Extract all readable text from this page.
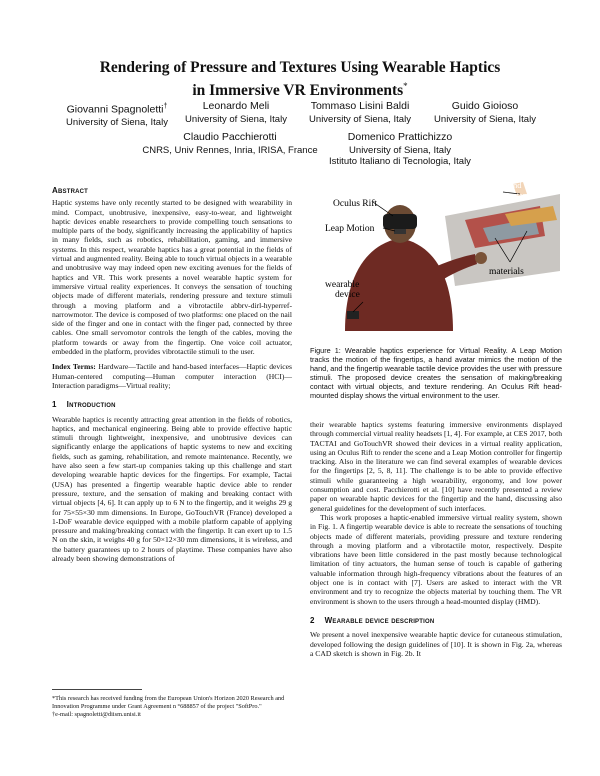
Rendering of Pressure and Textures Using Wearable Haptics
in Immersive VR Environments*
Giovanni Spagnoletti†
University of Siena, Italy
Leonardo Meli
University of Siena, Italy
Tommaso Lisini Baldi
University of Siena, Italy
Guido Gioioso
University of Siena, Italy
Claudio Pacchierotti
CNRS, Univ Rennes, Inria, IRISA, France
Domenico Prattichizzo
University of Siena, Italy
Istituto Italiano di Tecnologia, Italy

Abstract

Haptic systems have only recently started to be designed with wearability in mind. Compact, unobtrusive, inexpensive, easy-to-wear, and lightweight haptic devices enable researchers to provide compelling touch sensations to multiple parts of the body, significantly increasing the applicability of haptics in many fields, such as robotics, rehabilitation, gaming, and immersive systems. In this respect, wearable haptics has a great potential in the fields of virtual and augmented reality. Being able to touch virtual objects in a wearable and unobtrusive way may indeed open new exciting avenues for the fields of haptics and VR. This work presents a novel wearable haptic system for immersive virtual reality experiences. It conveys the sensation of touching objects made of different materials, rendering pressure and texture stimuli through a moving platform and a vibrotactile abbrv-dirl-hyperref-narrowmotor. The device is composed of two platforms: one placed on the nail side of the finger and one in contact with the finger pad, connected by three cables. One small servomotor controls the length of the cables, moving the platform towards or away from the fingertip. One voice coil actuator, embedded in the platform, provides vibrotactile stimuli to the user.

Index Terms: Hardware—Tactile and hand-based interfaces—Haptic devices Human-centered computing—Human computer interaction (HCI)—Interaction paradigms—Virtual reality;

1 Introduction

Wearable haptics is recently attracting great attention in the fields of robotics, haptics, and mechanical engineering. Being able to provide effective haptic stimuli through lightweight, inexpensive, and unobtrusive devices can significantly enlarge the applications of haptic systems to new and exciting fields, such as gaming, rehabilitation, and remote maintenance. Recently, we have also seen a few start-up companies taking up this challenge and start developing wearable haptic devices for the fingertips. For example, Tactai (USA) has presented a fingertip wearable haptic device able to render pressure, texture, and the sensation of making and breaking contact with virtual objects [4, 6]. It can apply up to 6 N to the fingertip, and it weighs 29 g for 75×55×30 mm dimensions. In Europe, GoTouchVR (France) developed a 1-DoF wearable device equipped with a mobile platform capable of applying pressure and making/breaking contact with the fingertip. It can exert up to 1.5 N on the skin, it weighs 40 g for 50×12×30 mm dimensions, it is wireless, and the battery guarantees up to 2 hours of playtime. These companies have also already been showing demonstrations of

*This research has received funding from the European Union's Horizon 2020 Research and Innovation Programme under Grant Agreement n °688857 of the project "SoftPro."

†e-mail: spagnoletti@diism.unisi.it

Oculus Rift
Leap Motion
wearable
device
hand
avatar
materials

Figure 1: Wearable haptics experience for Virtual Reality. A Leap Motion tracks the motion of the fingertips, a hand avatar mimics the motion of the hand, and the fingertip wearable tactile device provides the user with pressure stimuli. The proposed device creates the sensation of making/breaking contact with virtual objects, and texture rendering. An Oculus Rift head-mounted display shows the virtual environment to the user.

their wearable haptics systems featuring immersive environments displayed through commercial virtual reality headsets [1, 4]. For example, at CES 2017, both TACTAI and GoTouchVR showed their devices in a virtual reality application, using an Oculus Rift to render the scene and a Leap Motion controller for fingertip tracking. Also in the literature we can find several examples of wearable devices for the fingertips [2, 5, 8, 11]. The challenge is to be able to provide effective stimuli while guaranteeing a high wearability, ergonomy, and low power consumption and cost. Pacchierotti et al. [10] have recently presented a review paper on wearable haptic devices for the fingertip and the hand, discussing also general guidelines for the development of such interfaces.

This work proposes a haptic-enabled immersive virtual reality system, shown in Fig. 1. A fingertip wearable device is able to recreate the sensations of touching objects made of different materials, providing pressure and texture rendering through a moving platform and a vibrotactile motor, respectively. Despite vibrations have been little considered in the past mostly because technological limitation of tiny actuators, the human sense of touch is capable of gathering valuable information through high-frequency vibrations about the features of an object one is in contact with [7]. Users are asked to interact with the VR environment and try to recognize the objects material by touching them. The VR environment is shown to the users through a head-mounted display (HMD).

2 Wearable device description

We present a novel inexpensive wearable haptic device for cutaneous stimulation, developed following the design guidelines of [10]. It is shown in Fig. 2a, whereas a CAD sketch is shown in Fig. 2b. It
